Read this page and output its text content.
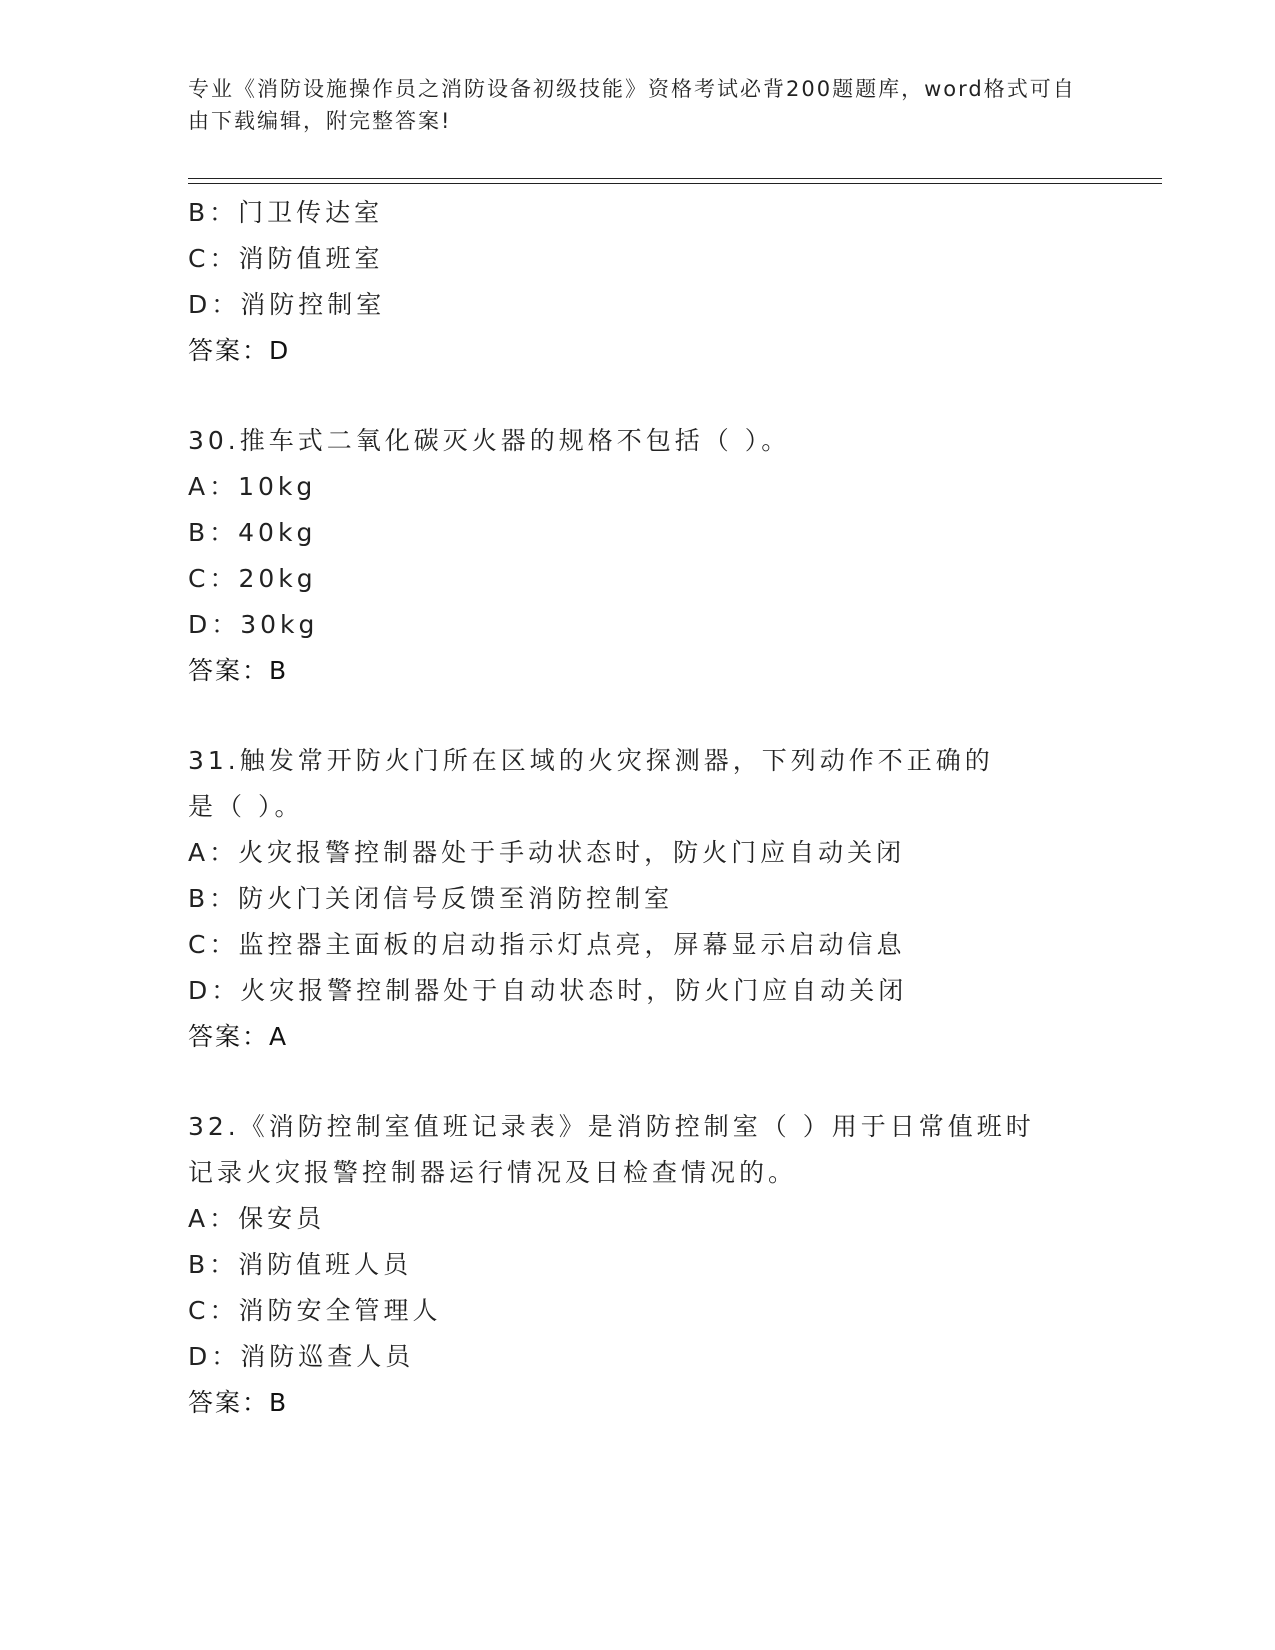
专业《消防设施操作员之消防设备初级技能》资格考试必背200题题库，word格式可自由下载编辑，附完整答案!
B：门卫传达室
C：消防值班室
D：消防控制室
答案：D
30.推车式二氧化碳灭火器的规格不包括（ ）。
A：10kg
B：40kg
C：20kg
D：30kg
答案：B
31.触发常开防火门所在区域的火灾探测器，下列动作不正确的是（ ）。
A：火灾报警控制器处于手动状态时，防火门应自动关闭
B：防火门关闭信号反馈至消防控制室
C：监控器主面板的启动指示灯点亮，屏幕显示启动信息
D：火灾报警控制器处于自动状态时，防火门应自动关闭
答案：A
32.《消防控制室值班记录表》是消防控制室（ ）用于日常值班时记录火灾报警控制器运行情况及日检查情况的。
A：保安员
B：消防值班人员
C：消防安全管理人
D：消防巡查人员
答案：B
